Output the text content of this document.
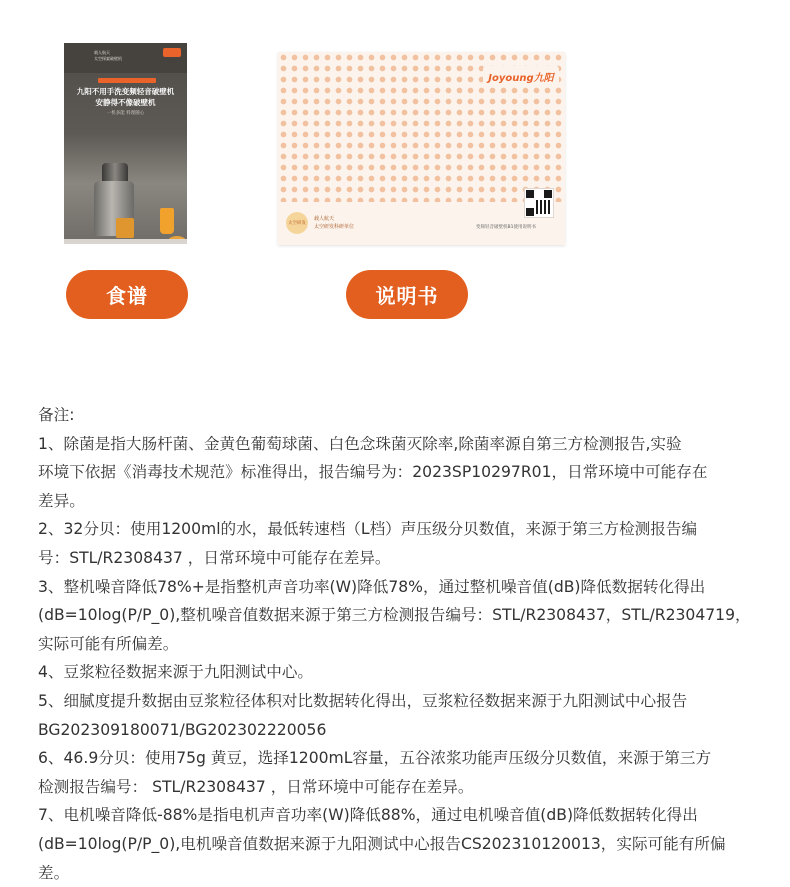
载人航天
太空探索破壁机
九阳不用手洗变频轻音破壁机
安静得不像破壁机
一机多能 料理随心
Joyoung九阳
太空研发
载人航天
太空研发科研单位	变频轻音破壁机B1使用说明书
食谱	说明书

备注:

1、除菌是指大肠杆菌、金黄色葡萄球菌、白色念珠菌灭除率,除菌率源自第三方检测报告,实验

环境下依据《消毒技术规范》标准得出，报告编号为：2023SP10297R01，日常环境中可能存在

差异。

2、32分贝：使用1200ml的水，最低转速档（L档）声压级分贝数值，来源于第三方检测报告编

号：STL/R2308437 ，日常环境中可能存在差异。

3、整机噪音降低78%+是指整机声音功率(W)降低78%，通过整机噪音值(dB)降低数据转化得出

(dB=10log(P/P_0),整机噪音值数据来源于第三方检测报告编号：STL/R2308437，STL/R2304719，

实际可能有所偏差。

4、豆浆粒径数据来源于九阳测试中心。

5、细腻度提升数据由豆浆粒径体积对比数据转化得出，豆浆粒径数据来源于九阳测试中心报告

BG202309180071/BG202302220056

6、46.9分贝：使用75g 黄豆，选择1200mL容量，五谷浓浆功能声压级分贝数值，来源于第三方

检测报告编号： STL/R2308437 ，日常环境中可能存在差异。

7、电机噪音降低-88%是指电机声音功率(W)降低88%，通过电机噪音值(dB)降低数据转化得出

(dB=10log(P/P_0),电机噪音值数据来源于九阳测试中心报告CS202310120013，实际可能有所偏

差。
